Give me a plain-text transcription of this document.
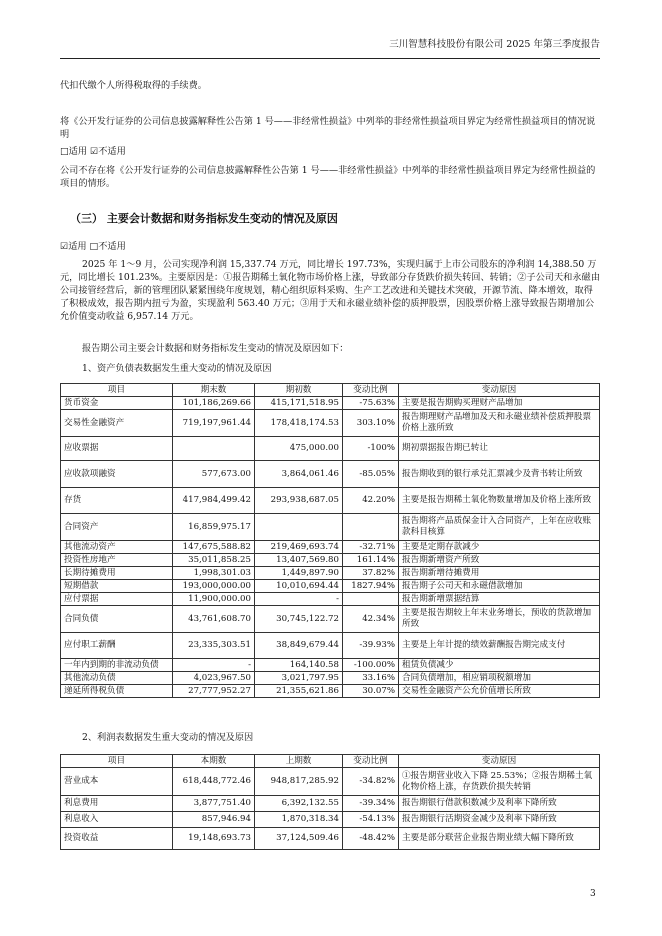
三川智慧科技股份有限公司 2025 年第三季度报告

代扣代缴个人所得税取得的手续费。

将《公开发行证券的公司信息披露解释性公告第 1 号——非经常性损益》中列举的非经常性损益项目界定为经常性损益项目的情况说明

□适用 ☑不适用

公司不存在将《公开发行证券的公司信息披露解释性公告第 1 号——非经常性损益》中列举的非经常性损益项目界定为经常性损益的项目的情形。

（三） 主要会计数据和财务指标发生变动的情况及原因

☑适用 □不适用

2025 年 1～9 月，公司实现净利润 15,337.74 万元，同比增长 197.73%，实现归属于上市公司股东的净利润 14,388.50 万元，同比增长 101.23%。主要原因是：①报告期稀土氧化物市场价格上涨，导致部分存货跌价损失转回、转销；②子公司天和永磁由公司接管经营后，新的管理团队紧紧围绕年度规划，精心组织原料采购、生产工艺改进和关键技术突破，开源节流、降本增效，取得了积极成效，报告期内扭亏为盈，实现盈利 563.40 万元；③用于天和永磁业绩补偿的质押股票，因股票价格上涨导致报告期增加公允价值变动收益 6,957.14 万元。

报告期公司主要会计数据和财务指标发生变动的情况及原因如下：

1、资产负债表数据发生重大变动的情况及原因

项目	期末数	期初数	变动比例	变动原因
货币资金	101,186,269.66	415,171,518.95	-75.63%	主要是报告期购买理财产品增加
交易性金融资产	719,197,961.44	178,418,174.53	303.10%	报告期理财产品增加及天和永磁业绩补偿质押股票价格上涨所致
应收票据		475,000.00	-100%	期初票据报告期已转让
应收款项融资	577,673.00	3,864,061.46	-85.05%	报告期收到的银行承兑汇票减少及背书转让所致
存货	417,984,499.42	293,938,687.05	42.20%	主要是报告期稀土氧化物数量增加及价格上涨所致
合同资产	16,859,975.17			报告期将产品质保金计入合同资产，上年在应收账款科目核算
其他流动资产	147,675,588.82	219,469,693.74	-32.71%	主要是定期存款减少
投资性房地产	35,011,858.25	13,407,569.80	161.14%	报告期新增资产所致
长期待摊费用	1,998,301.03	1,449,897.90	37.82%	报告期新增待摊费用
短期借款	193,000,000.00	10,010,694.44	1827.94%	报告期子公司天和永磁借款增加
应付票据	11,900,000.00	-		报告期新增票据结算
合同负债	43,761,608.70	30,745,122.72	42.34%	主要是报告期较上年末业务增长，预收的货款增加所致
应付职工薪酬	23,335,303.51	38,849,679.44	-39.93%	主要是上年计提的绩效薪酬报告期完成支付
一年内到期的非流动负债	-	164,140.58	-100.00%	租赁负债减少
其他流动负债	4,023,967.50	3,021,797.95	33.16%	合同负债增加，相应销项税额增加
递延所得税负债	27,777,952.27	21,355,621.86	30.07%	交易性金融资产公允价值增长所致

2、利润表数据发生重大变动的情况及原因

项目	本期数	上期数	变动比例	变动原因
营业成本	618,448,772.46	948,817,285.92	-34.82%	①报告期营业收入下降 25.53%；②报告期稀土氧化物价格上涨，存货跌价损失转销
利息费用	3,877,751.40	6,392,132.55	-39.34%	报告期银行借款积数减少及利率下降所致
利息收入	857,946.94	1,870,318.34	-54.13%	报告期银行活期资金减少及利率下降所致
投资收益	19,148,693.73	37,124,509.46	-48.42%	主要是部分联营企业报告期业绩大幅下降所致
3
